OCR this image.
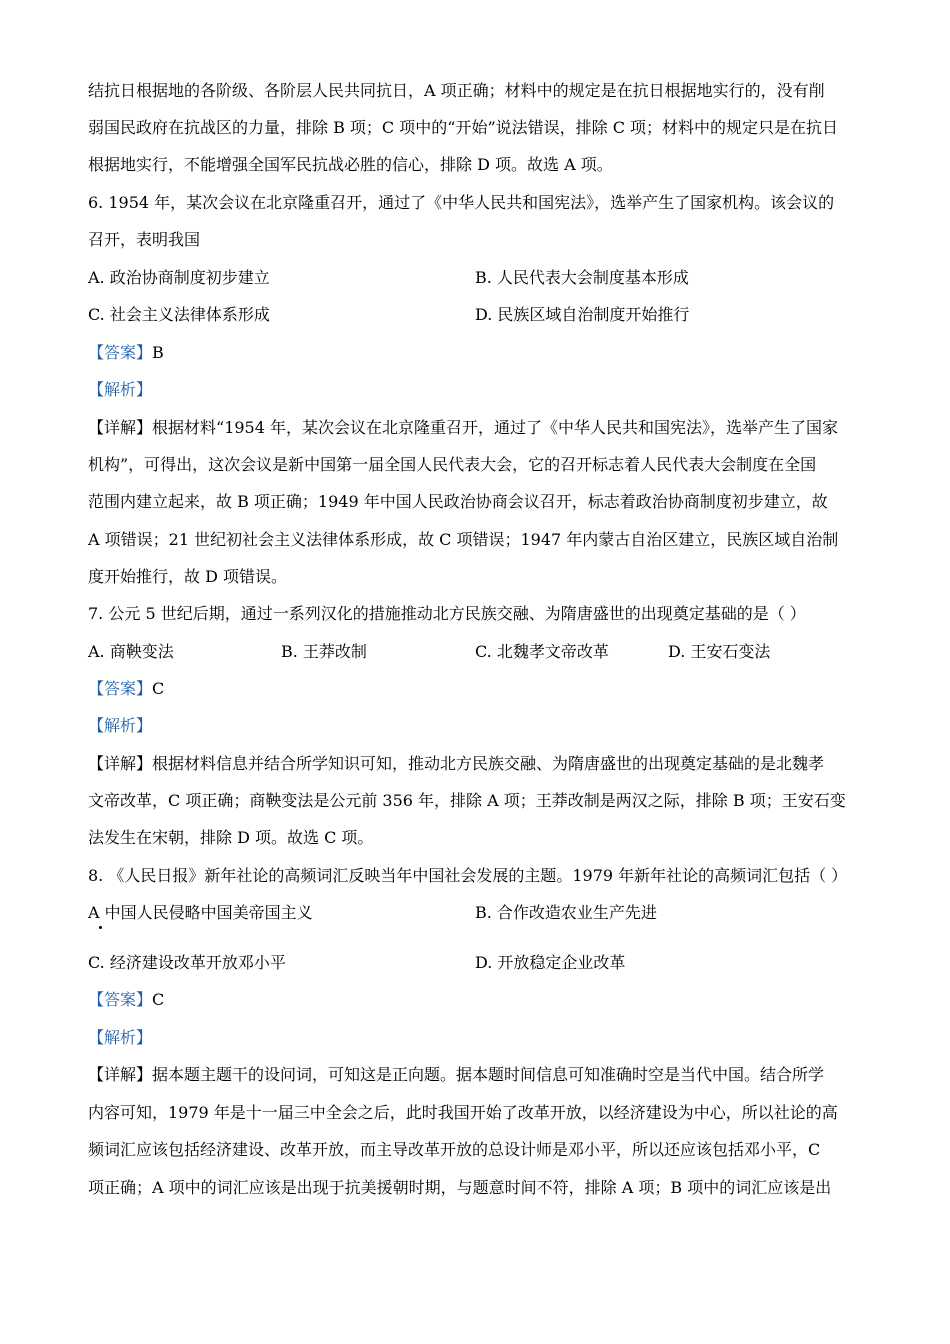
结抗日根据地的各阶级、各阶层人民共同抗日，A 项正确；材料中的规定是在抗日根据地实行的，没有削
弱国民政府在抗战区的力量，排除 B 项；C 项中的“开始”说法错误，排除 C 项；材料中的规定只是在抗日
根据地实行，不能增强全国军民抗战必胜的信心，排除 D 项。故选 A 项。
6. 1954 年，某次会议在北京隆重召开，通过了《中华人民共和国宪法》，选举产生了国家机构。该会议的
召开，表明我国
A. 政治协商制度初步建立	B. 人民代表大会制度基本形成
C. 社会主义法律体系形成	D. 民族区域自治制度开始推行
【答案】B
【解析】
【详解】根据材料“1954 年，某次会议在北京隆重召开，通过了《中华人民共和国宪法》，选举产生了国家
机构”，可得出，这次会议是新中国第一届全国人民代表大会，它的召开标志着人民代表大会制度在全国
范围内建立起来，故 B 项正确；1949 年中国人民政治协商会议召开，标志着政治协商制度初步建立，故
A 项错误；21 世纪初社会主义法律体系形成，故 C 项错误；1947 年内蒙古自治区建立，民族区域自治制
度开始推行，故 D 项错误。
7. 公元 5 世纪后期，通过一系列汉化的措施推动北方民族交融、为隋唐盛世的出现奠定基础的是（ ）
A. 商鞅变法	B. 王莽改制	C. 北魏孝文帝改革	D. 王安石变法
【答案】C
【解析】
【详解】根据材料信息并结合所学知识可知，推动北方民族交融、为隋唐盛世的出现奠定基础的是北魏孝
文帝改革，C 项正确；商鞅变法是公元前 356 年，排除 A 项；王莽改制是两汉之际，排除 B 项；王安石变
法发生在宋朝，排除 D 项。故选 C 项。
8. 《人民日报》新年社论的高频词汇反映当年中国社会发展的主题。1979 年新年社论的高频词汇包括（ ）
A 中国人民侵略中国美帝国主义	B. 合作改造农业生产先进
C. 经济建设改革开放邓小平	D. 开放稳定企业改革
【答案】C
【解析】
【详解】据本题主题干的设问词，可知这是正向题。据本题时间信息可知准确时空是当代中国。结合所学
内容可知，1979 年是十一届三中全会之后，此时我国开始了改革开放，以经济建设为中心，所以社论的高
频词汇应该包括经济建设、改革开放，而主导改革开放的总设计师是邓小平，所以还应该包括邓小平，C
项正确；A 项中的词汇应该是出现于抗美援朝时期，与题意时间不符，排除 A 项；B 项中的词汇应该是出
